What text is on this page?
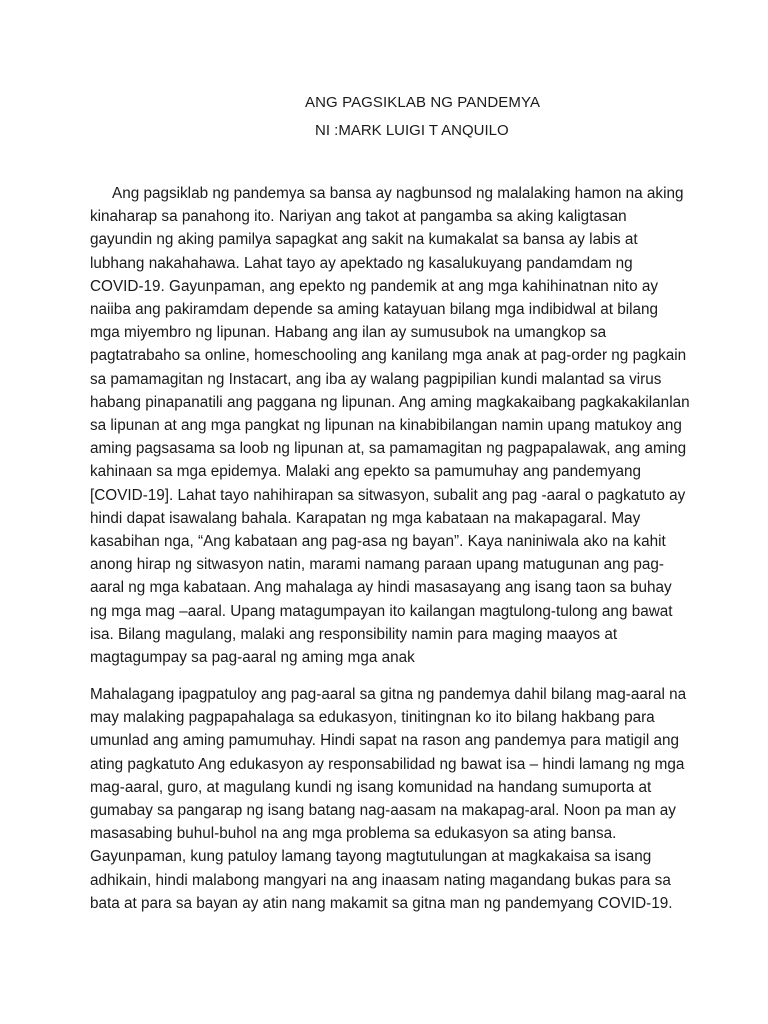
ANG PAGSIKLAB NG PANDEMYA
NI :MARK LUIGI T ANQUILO

Ang pagsiklab ng pandemya sa bansa ay nagbunsod ng malalaking hamon na aking kinaharap sa panahong ito. Nariyan ang takot at pangamba sa aking kaligtasan gayundin ng aking pamilya sapagkat ang sakit na kumakalat sa bansa ay labis at lubhang nakahahawa. Lahat tayo ay apektado ng kasalukuyang pandamdam ng COVID-19. Gayunpaman, ang epekto ng pandemik at ang mga kahihinatnan nito ay naiiba ang pakiramdam depende sa aming katayuan bilang mga indibidwal at bilang mga miyembro ng lipunan. Habang ang ilan ay sumusubok na umangkop sa pagtatrabaho sa online, homeschooling ang kanilang mga anak at pag-order ng pagkain sa pamamagitan ng Instacart, ang iba ay walang pagpipilian kundi malantad sa virus habang pinapanatili ang paggana ng lipunan. Ang aming magkakaibang pagkakakilanlan sa lipunan at ang mga pangkat ng lipunan na kinabibilangan namin upang matukoy ang aming pagsasama sa loob ng lipunan at, sa pamamagitan ng pagpapalawak, ang aming kahinaan sa mga epidemya. Malaki ang epekto sa pamumuhay ang pandemyang [COVID-19]. Lahat tayo nahihirapan sa sitwasyon, subalit ang pag -aaral o pagkatuto ay hindi dapat isawalang bahala. Karapatan ng mga kabataan na makapagaral. May kasabihan nga, “Ang kabataan ang pag-asa ng bayan”. Kaya naniniwala ako na kahit anong hirap ng sitwasyon natin, marami namang paraan upang matugunan ang pag-aaral ng mga kabataan. Ang mahalaga ay hindi masasayang ang isang taon sa buhay ng mga mag –aaral. Upang matagumpayan ito kailangan magtulong-tulong ang bawat isa. Bilang magulang, malaki ang responsibility namin para maging maayos at magtagumpay sa pag-aaral ng aming mga anak

Mahalagang ipagpatuloy ang pag-aaral sa gitna ng pandemya dahil bilang mag-aaral na may malaking pagpapahalaga sa edukasyon, tinitingnan ko ito bilang hakbang para umunlad ang aming pamumuhay. Hindi sapat na rason ang pandemya para matigil ang ating pagkatuto Ang edukasyon ay responsabilidad ng bawat isa – hindi lamang ng mga mag-aaral, guro, at magulang kundi ng isang komunidad na handang sumuporta at gumabay sa pangarap ng isang batang nag-aasam na makapag-aral. Noon pa man ay masasabing buhul-buhol na ang mga problema sa edukasyon sa ating bansa. Gayunpaman, kung patuloy lamang tayong magtutulungan at magkakaisa sa isang adhikain, hindi malabong mangyari na ang inaasam nating magandang bukas para sa bata at para sa bayan ay atin nang makamit sa gitna man ng pandemyang COVID-19.
